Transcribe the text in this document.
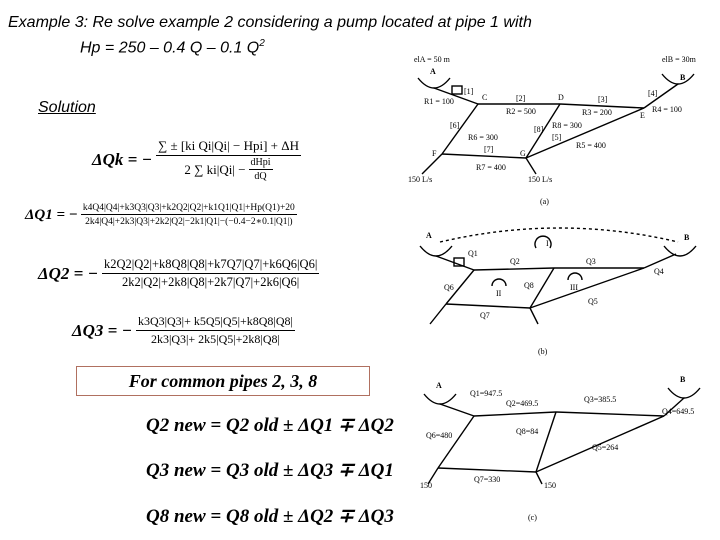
Example 3: Re solve example 2 considering a pump located at pipe 1 with
Hp = 250 – 0.4 Q – 0.1 $Q^2$
Solution
ΔQk = − $\frac{\text{∑ ± [ki Qi|Qi| − Hpi] + ΔH}}{2 \sum ki|Qi| - \frac{\text{dHpi}}{dQ}}$
ΔQ1 = − $\frac{k4Q4|Q4|+k3Q3|Q3|+k2Q2|Q2|+k1Q1|Q1|+Hp(Q1)+20}{2k4|Q4|+2k3|Q3|+2k2|Q2|-2k1|Q1|-(-0.4-2∗0.1|Q1|)}$
ΔQ2 = − $\frac{k2Q2|Q2|+k8Q8|Q8|+k7Q7|Q7|+k6Q6|Q6|}{2k2|Q2|+2k8|Q8|+2k7|Q7|+2k6|Q6|}$
ΔQ3 = − $\frac{k3Q3|Q3|+ k5Q5|Q5|+k8Q8|Q8|}{2k3|Q3|+ 2k5|Q5|+2k8|Q8|}$
For common pipes 2, 3, 8
Q2 new = Q2 old ± ΔQ1 ∓ ΔQ2
Q3 new = Q3 old ± ΔQ3 ∓ ΔQ1
Q8 new = Q8 old ± ΔQ2 ∓ ΔQ3
elA = 50 m	elB = 30m
A
B
C	D
E
F	G
[1]
R1 = 100	[2]
R2 = 500
[3]
R3 = 200
[4]
R4 = 100
[5]
R5 = 400
[6]
R6 = 300
[7]
R7 = 400
[8] R8 = 300
150 L/s	150 L/s
(a)
A	B
I
II
III
Q1
Q2	Q3
Q4
Q5
Q6
Q7
Q8
(b)
A
B
Q1=947.5
Q2=469.5	Q3=385.5
Q4=649.5
Q5=264
Q6=480
Q7=330
Q8=84
150	150
(c)
